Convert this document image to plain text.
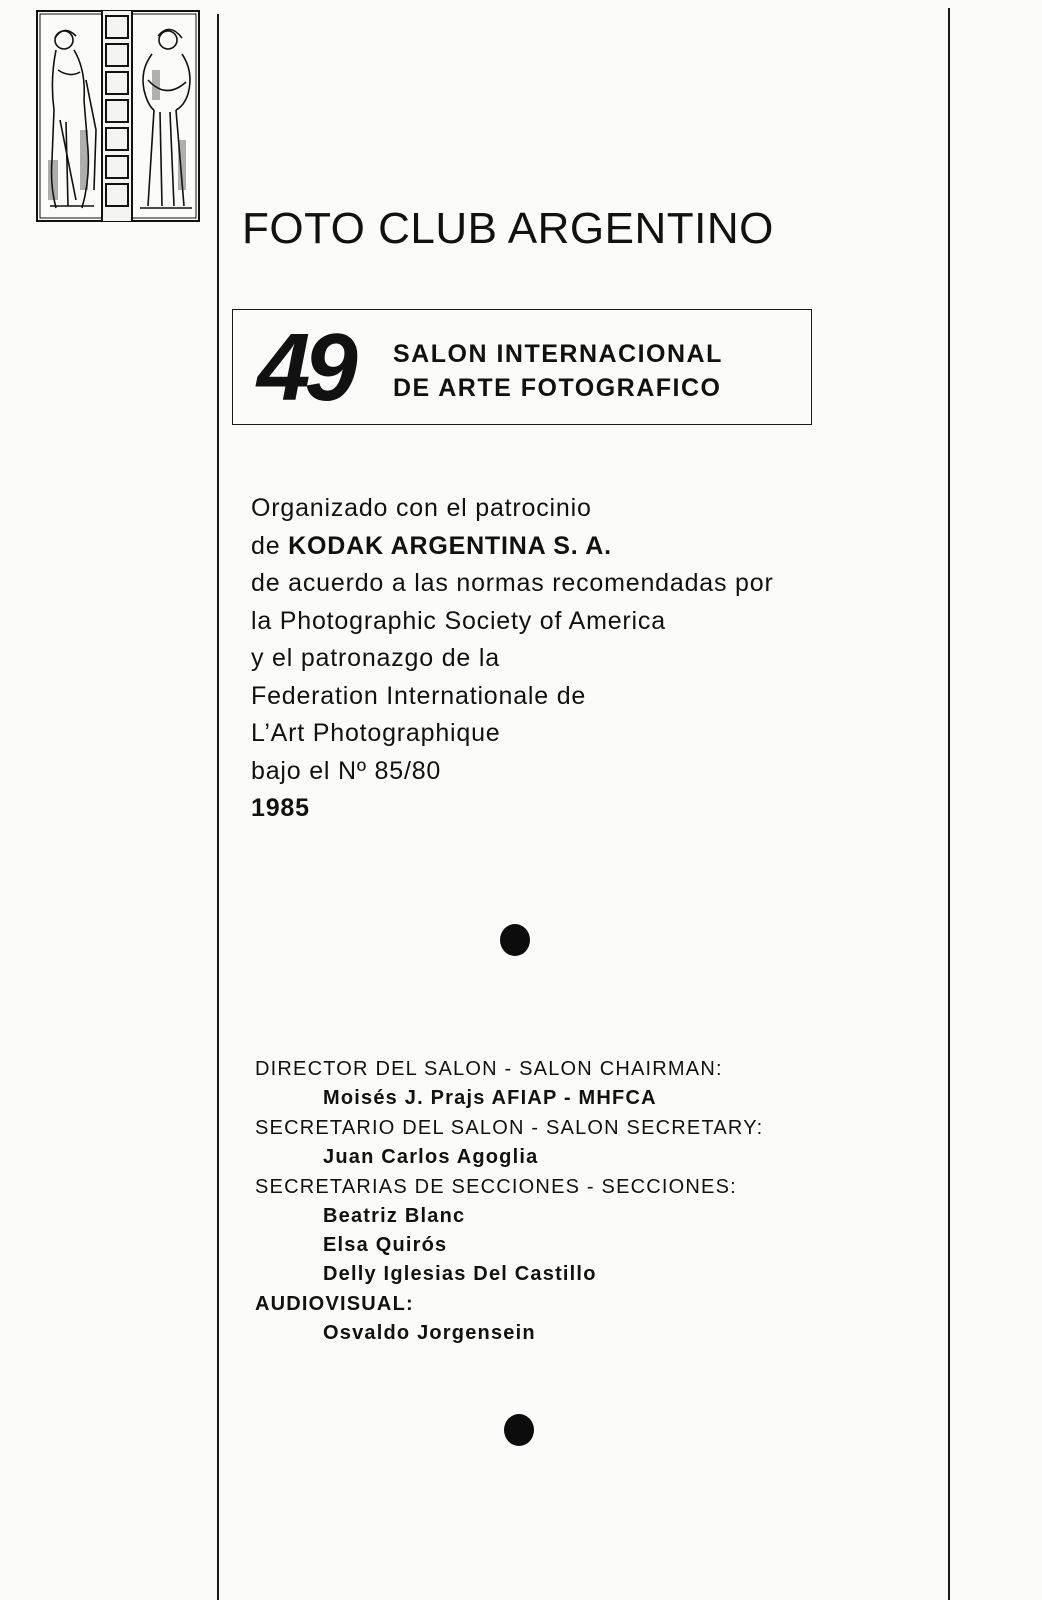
FOTO CLUB ARGENTINO
49 SALON INTERNACIONAL
DE ARTE FOTOGRAFICO
Organizado con el patrocinio
de KODAK ARGENTINA S. A.
de acuerdo a las normas recomendadas por
la Photographic Society of America
y el patronazgo de la
Federation Internationale de
L’Art Photographique
bajo el Nº 85/80
1985
DIRECTOR DEL SALON - SALON CHAIRMAN:
Moisés J. Prajs AFIAP - MHFCA
SECRETARIO DEL SALON - SALON SECRETARY:
Juan Carlos Agoglia
SECRETARIAS DE SECCIONES - SECCIONES:
Beatriz Blanc
Elsa Quirós
Delly Iglesias Del Castillo
AUDIOVISUAL:
Osvaldo Jorgensein
